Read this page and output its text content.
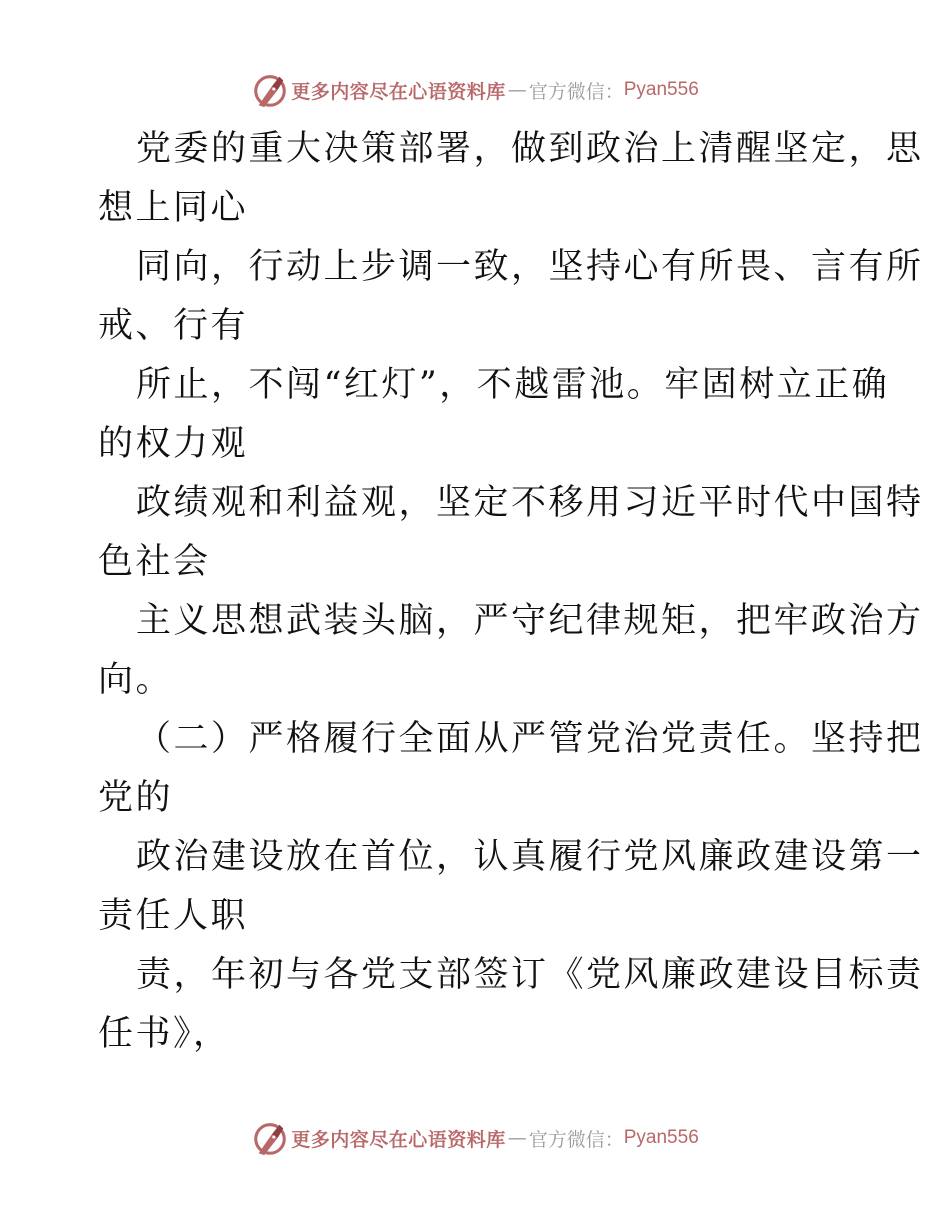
更多内容尽在心语资料库 — 官方微信： Pyan556
党委的重大决策部署，做到政治上清醒坚定，思
想上同心
同向，行动上步调一致，坚持心有所畏、言有所
戒、行有
所止，不闯“红灯”，不越雷池。牢固树立正确
的权力观
政绩观和利益观，坚定不移用习近平时代中国特
色社会
主义思想武装头脑，严守纪律规矩，把牢政治方
向。
（二）严格履行全面从严管党治党责任。坚持把
党的
政治建设放在首位，认真履行党风廉政建设第一
责任人职
责，年初与各党支部签订《党风廉政建设目标责
任书》，
更多内容尽在心语资料库 — 官方微信： Pyan556
